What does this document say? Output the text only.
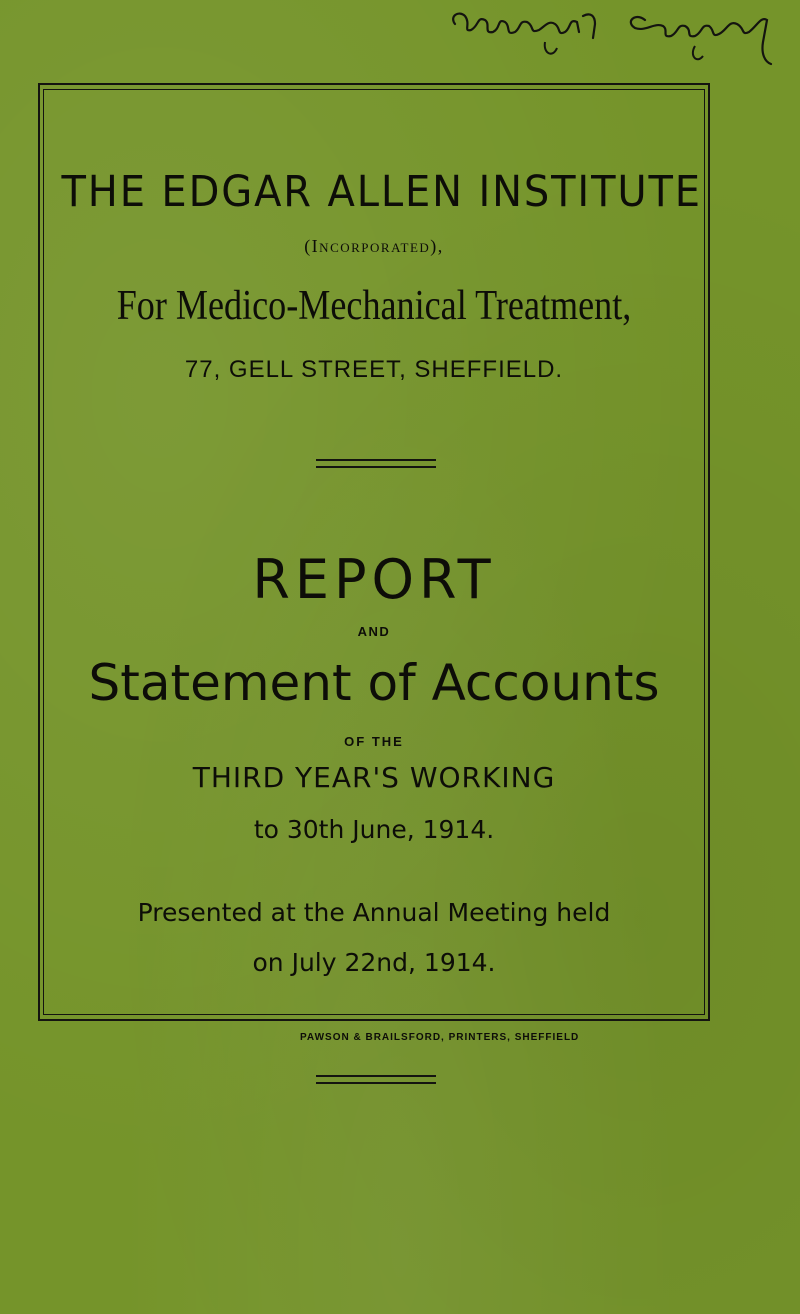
THE EDGAR ALLEN INSTITUTE
(Incorporated),
For Medico-Mechanical Treatment,
77, GELL STREET, SHEFFIELD.
REPORT
AND
Statement of Accounts
OF THE
THIRD YEAR'S WORKING
to 30th June, 1914.
Presented at the Annual Meeting held
on July 22nd, 1914.
PAWSON & BRAILSFORD, PRINTERS, SHEFFIELD
